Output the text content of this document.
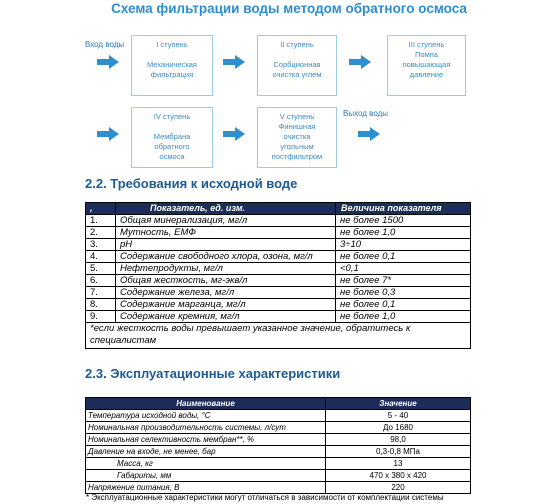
Схема фильтрации воды методом обратного осмоса
Вход воды	I ступень
Механическая
фильтрация
II ступень
Сорбционная
очистка углем
III ступень
Помпа
повышающая
давление
IV ступень
Мембрана
обратного
осмоса
V ступень
Финишная
очистка
угольным
постфильтром
Выход воды
2.2. Требования к исходной воде
,	Показатель, ед. изм.	Величина показателя
1.	Общая минерализация, мг/л	не более 1500
2.	Мутность, ЕМФ	не более 1,0
3.	рН	3÷10
4.	Содержание свободного хлора, озона, мг/л	не более 0,1
5.	Нефтепродукты, мг/л	<0,1
6.	Общая жесткость, мг-экв/л	не более 7*
7.	Содержание железа, мг/л	не более 0,3
8.	Содержание марганца, мг/л	не более 0,1
9.	Содержание кремния, мг/л	не более 1,0
*если жесткость воды превышает указанное значение, обратитесь к специалистам		
2.3. Эксплуатационные характеристики
Наименование	Значение
Температура исходной воды, °С	5 - 40
Номинальная производительность системы, л/сут	До 1680
Номинальная селективность мембран**, %	98,0
Давление на входе, не менее, бар	0,3-0,8 МПа
Масса, кг	13
Габариты, мм	470 х 380 х 420
Напряжение питания, В	220
* Эксплуатационные характеристики могут отличаться в зависимости от комплектации системы
